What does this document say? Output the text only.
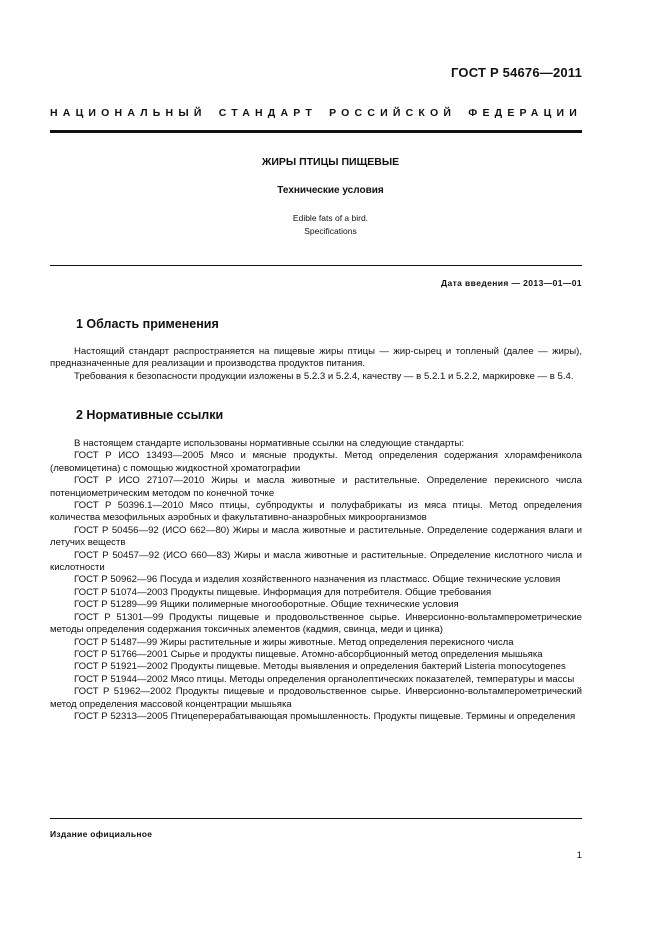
ГОСТ Р 54676—2011
НАЦИОНАЛЬНЫЙ СТАНДАРТ РОССИЙСКОЙ ФЕДЕРАЦИИ
ЖИРЫ ПТИЦЫ ПИЩЕВЫЕ
Технические условия
Edible fats of a bird.
Specifications
Дата введения — 2013—01—01
1 Область применения

Настоящий стандарт распространяется на пищевые жиры птицы — жир-сырец и топленый (далее — жиры), предназначенные для реализации и производства продуктов питания.

Требования к безопасности продукции изложены в 5.2.3 и 5.2.4, качеству — в 5.2.1 и 5.2.2, маркировке — в 5.4.

2 Нормативные ссылки

В настоящем стандарте использованы нормативные ссылки на следующие стандарты:

ГОСТ Р ИСО 13493—2005 Мясо и мясные продукты. Метод определения содержания хлорамфеникола (левомицетина) с помощью жидкостной хроматографии

ГОСТ Р ИСО 27107—2010 Жиры и масла животные и растительные. Определение перекисного числа потенциометрическим методом по конечной точке

ГОСТ Р 50396.1—2010 Мясо птицы, субпродукты и полуфабрикаты из мяса птицы. Метод определения количества мезофильных аэробных и факультативно-анаэробных микроорганизмов

ГОСТ Р 50456—92 (ИСО 662—80) Жиры и масла животные и растительные. Определение содержания влаги и летучих веществ

ГОСТ Р 50457—92 (ИСО 660—83) Жиры и масла животные и растительные. Определение кислотного числа и кислотности

ГОСТ Р 50962—96 Посуда и изделия хозяйственного назначения из пластмасс. Общие технические условия

ГОСТ Р 51074—2003 Продукты пищевые. Информация для потребителя. Общие требования

ГОСТ Р 51289—99 Ящики полимерные многооборотные. Общие технические условия

ГОСТ Р 51301—99 Продукты пищевые и продовольственное сырье. Инверсионно-вольтамперометрические методы определения содержания токсичных элементов (кадмия, свинца, меди и цинка)

ГОСТ Р 51487—99 Жиры растительные и жиры животные. Метод определения перекисного числа

ГОСТ Р 51766—2001 Сырье и продукты пищевые. Атомно-абсорбционный метод определения мышьяка

ГОСТ Р 51921—2002 Продукты пищевые. Методы выявления и определения бактерий Listeria monocytogenes

ГОСТ Р 51944—2002 Мясо птицы. Методы определения органолептических показателей, температуры и массы

ГОСТ Р 51962—2002 Продукты пищевые и продовольственное сырье. Инверсионно-вольтамперометрический метод определения массовой концентрации мышьяка

ГОСТ Р 52313—2005 Птицеперерабатывающая промышленность. Продукты пищевые. Термины и определения

Издание официальное
1
